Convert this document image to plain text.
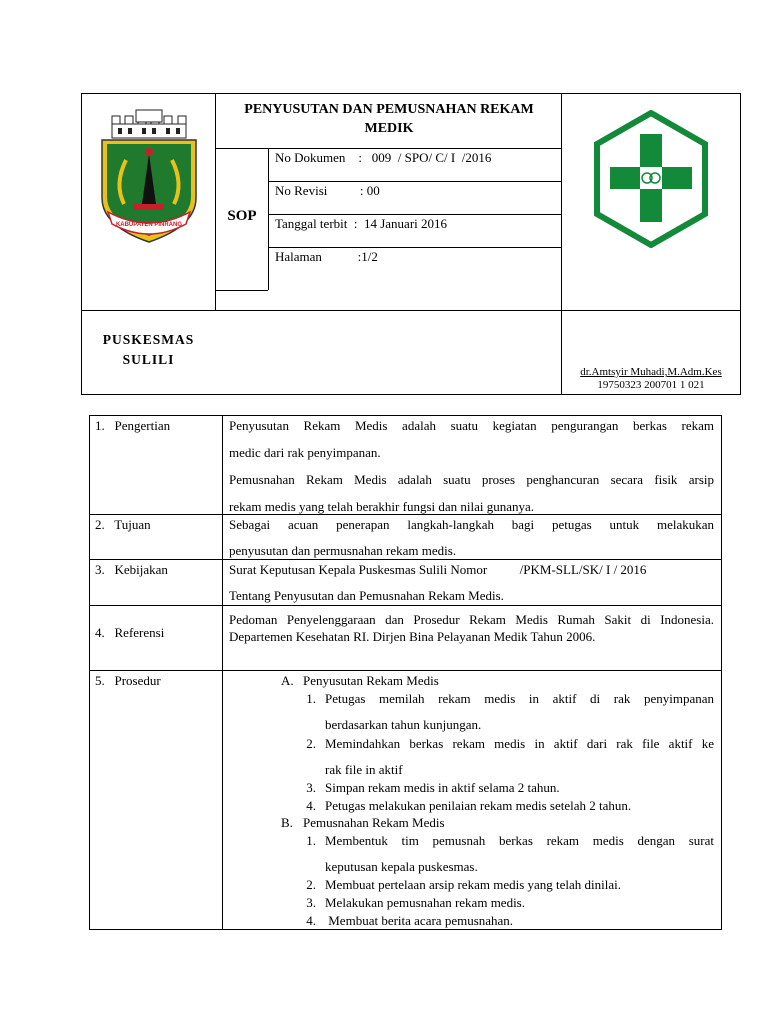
KABUPATEN PINRANG
PENYUSUTAN DAN PEMUSNAHAN REKAM
MEDIK
SOP
No Dokumen    :   009  / SPO/ C/ I  /2016
No Revisi          : 00
Tanggal terbit  :  14 Januari 2016
Halaman           :1/2
PUSKESMAS
SULILI
dr.Amtsyir Muhadi,M.Adm.Kes
19750323 200701 1 021
1.   Pengertian	Penyusutan Rekam Medis adalah suatu kegiatan pengurangan berkas rekam
medic dari rak penyimpanan.
Pemusnahan Rekam Medis adalah suatu proses penghancuran secara fisik arsip
rekam medis yang telah berakhir fungsi dan nilai gunanya.
2.   Tujuan	Sebagai acuan penerapan langkah-langkah bagi petugas untuk melakukan
penyusutan dan permusnahan rekam medis.
3.   Kebijakan	Surat Keputusan Kepala Puskesmas Sulili Nomor          /PKM-SLL/SK/ I / 2016
Tentang Penyusutan dan Pemusnahan Rekam Medis.
4.   Referensi
Pedoman Penyelenggaraan dan Prosedur Rekam Medis Rumah Sakit di Indonesia. Departemen Kesehatan RI. Dirjen Bina Pelayanan Medik Tahun 2006.
5.   Prosedur	A. Penyusutan Rekam Medis
1. Petugas memilah rekam medis in aktif di rak penyimpanan
berdasarkan tahun kunjungan.
2. Memindahkan berkas rekam medis in aktif dari rak file aktif ke
rak file in aktif
3. Simpan rekam medis in aktif selama 2 tahun.
4. Petugas melakukan penilaian rekam medis setelah 2 tahun.
B. Pemusnahan Rekam Medis
1. Membentuk tim pemusnah berkas rekam medis dengan surat
keputusan kepala puskesmas.
2. Membuat pertelaan arsip rekam medis yang telah dinilai.
3. Melakukan pemusnahan rekam medis.
4. Membuat berita acara pemusnahan.
